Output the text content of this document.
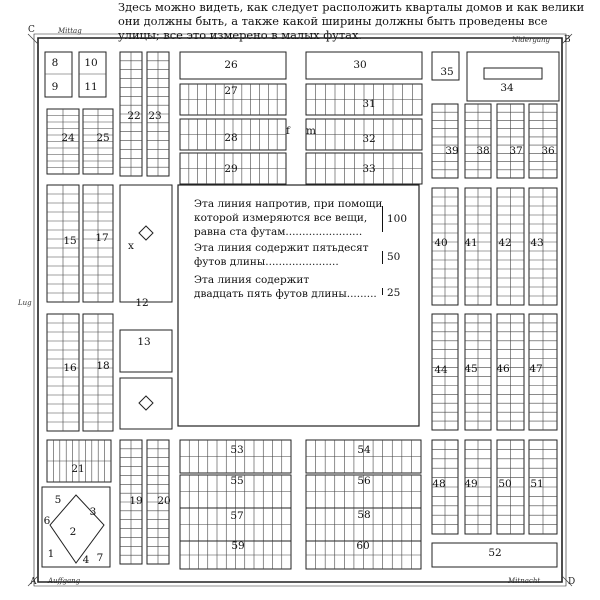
Здесь можно видеть, как следует расположить кварталы домов и как велики они должны быть, а также какой ширины должны быть проведены все улицы; все это измерено в малых футах.
8 10
9 11
24 25
22 23
26
27
28
29
f m
30
31
32
33
35
34
39 38 37 36
15 17
x
12
40 41 42 43
16 18
13
44 45 46 47
21
19 20
53	54
55	56
57	58
59	60
48 49 50 51
52
5
3
6
2
1	4 7
C	Mittag
B
Nidergang
A Auffgang	D
Mitnacht
Lug
Эта линия напротив, при помощи
которой измеряются все вещи,
равна ста футам.......................
100
Эта линия содержит пятьдесят
футов длины......................	50
Эта линия содержит
двадцать пять футов длины......... 25
